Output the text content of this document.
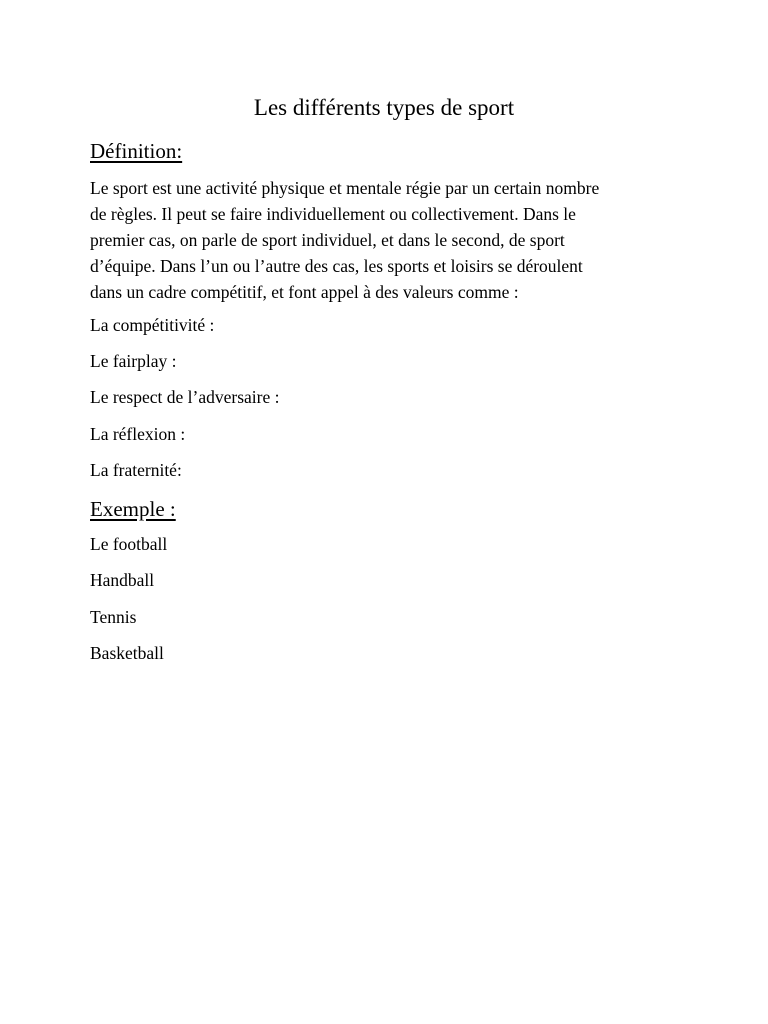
Les différents types de sport
Définition:
Le sport est une activité physique et mentale régie par un certain nombre
de règles. Il peut se faire individuellement ou collectivement. Dans le
premier cas, on parle de sport individuel, et dans le second, de sport
d’équipe. Dans l’un ou l’autre des cas, les sports et loisirs se déroulent
dans un cadre compétitif, et font appel à des valeurs comme :

La compétitivité :

Le fairplay :

Le respect de l’adversaire :

La réflexion :

La fraternité:

Exemple :

Le football

Handball

Tennis

Basketball
